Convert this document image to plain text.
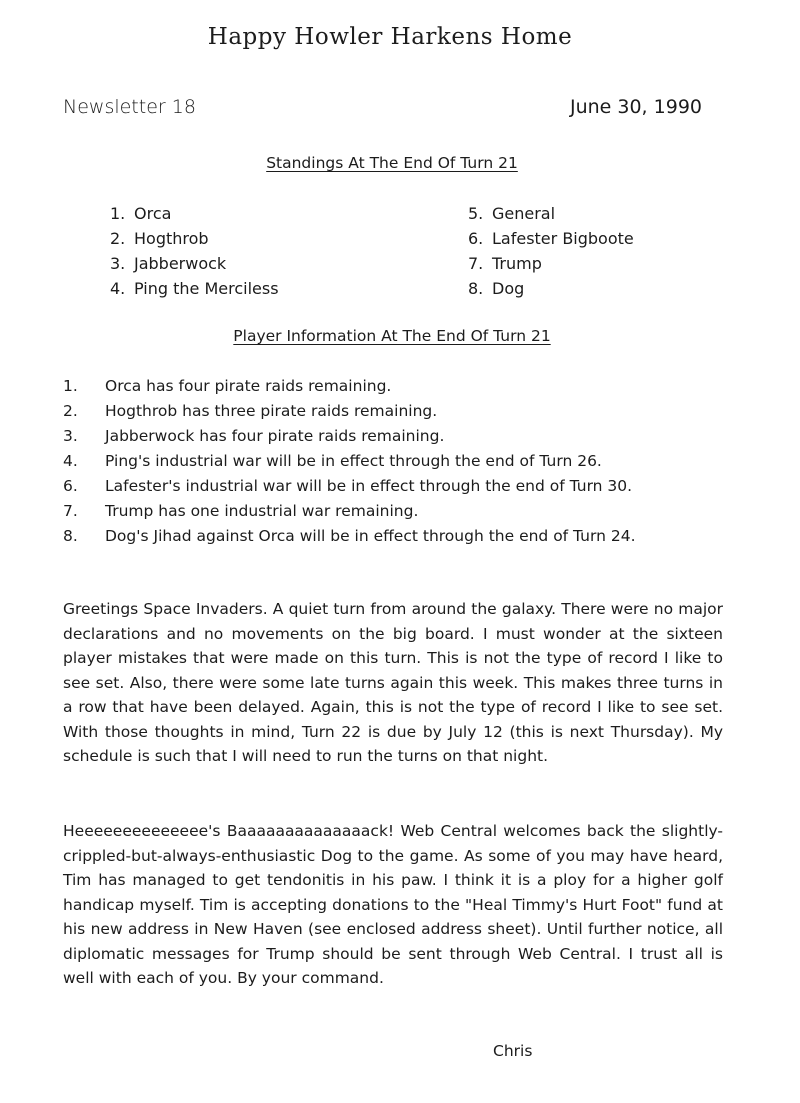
Happy Howler Harkens Home
Newsletter 18	June 30, 1990
Standings At The End Of Turn 21
1. Orca
2. Hogthrob
3. Jabberwock
4. Ping the Merciless
5. General
6. Lafester Bigboote
7. Trump
8. Dog
Player Information At The End Of Turn 21
1. Orca has four pirate raids remaining.
2. Hogthrob has three pirate raids remaining.
3. Jabberwock has four pirate raids remaining.
4. Ping's industrial war will be in effect through the end of Turn 26.
6. Lafester's industrial war will be in effect through the end of Turn 30.
7. Trump has one industrial war remaining.
8. Dog's Jihad against Orca will be in effect through the end of Turn 24.

Greetings Space Invaders. A quiet turn from around the galaxy. There were no major declarations and no movements on the big board. I must wonder at the sixteen player mistakes that were made on this turn. This is not the type of record I like to see set. Also, there were some late turns again this week. This makes three turns in a row that have been delayed. Again, this is not the type of record I like to see set. With those thoughts in mind, Turn 22 is due by July 12 (this is next Thursday). My schedule is such that I will need to run the turns on that night.

Heeeeeeeeeeeeee's Baaaaaaaaaaaaaack! Web Central welcomes back the slightly-crippled-but-always-enthusiastic Dog to the game. As some of you may have heard, Tim has managed to get tendonitis in his paw. I think it is a ploy for a higher golf handicap myself. Tim is accepting donations to the "Heal Timmy's Hurt Foot" fund at his new address in New Haven (see enclosed address sheet). Until further notice, all diplomatic messages for Trump should be sent through Web Central. I trust all is well with each of you. By your command.

Chris
